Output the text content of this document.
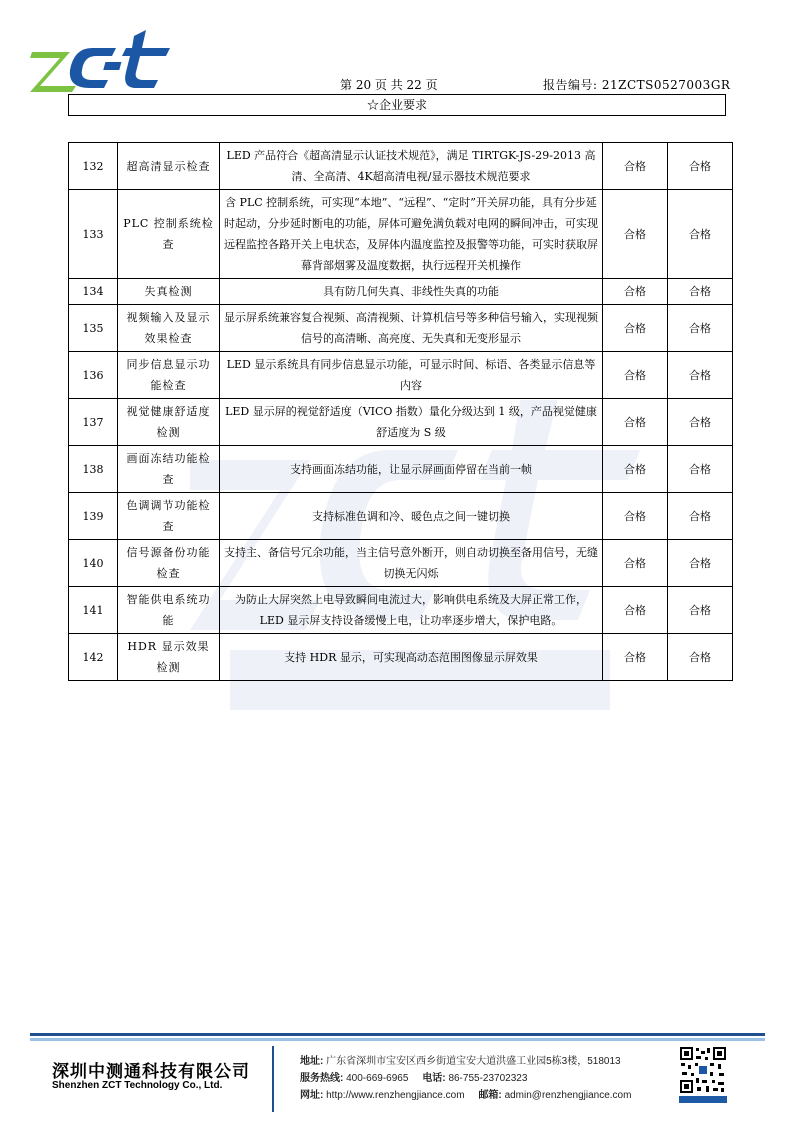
第 20 页 共 22 页	报告编号: 21ZCTS0527003GR
☆企业要求
132	超高清显示检查	LED 产品符合《超高清显示认证技术规范》，满足 TIRTGK-JS-29-2013 高清、全高清、4K超高清电视/显示器技术规范要求	合格	合格
133	PLC 控制系统检查	含 PLC 控制系统，可实现“本地”、“远程”、“定时”开关屏功能，具有分步延时起动，分步延时断电的功能，屏体可避免满负载对电网的瞬间冲击，可实现远程监控各路开关上电状态，及屏体内温度监控及报警等功能，可实时获取屏幕背部烟雾及温度数据，执行远程开关机操作	合格	合格
134	失真检测	具有防几何失真、非线性失真的功能	合格	合格
135	视频输入及显示效果检查	显示屏系统兼容复合视频、高清视频、计算机信号等多种信号输入，实现视频信号的高清晰、高亮度、无失真和无变形显示	合格	合格
136	同步信息显示功能检查	LED 显示系统具有同步信息显示功能，可显示时间、标语、各类显示信息等内容	合格	合格
137	视觉健康舒适度检测	LED 显示屏的视觉舒适度（VICO 指数）量化分级达到 1 级，产品视觉健康舒适度为 S 级	合格	合格
138	画面冻结功能检查	支持画面冻结功能，让显示屏画面停留在当前一帧	合格	合格
139	色调调节功能检查	支持标准色调和冷、暖色点之间一键切换	合格	合格
140	信号源备份功能检查	支持主、备信号冗余功能，当主信号意外断开，则自动切换至备用信号，无缝切换无闪烁	合格	合格
141	智能供电系统功能	为防止大屏突然上电导致瞬间电流过大，影响供电系统及大屏正常工作，LED 显示屏支持设备缓慢上电，让功率逐步增大，保护电路。	合格	合格
142	HDR 显示效果检测	支持 HDR 显示，可实现高动态范围图像显示屏效果	合格	合格
深圳中测通科技有限公司
Shenzhen ZCT Technology Co., Ltd.
地址: 广东省深圳市宝安区西乡街道宝安大道洪盛工业园5栋3楼，518013
服务热线: 400-669-6965 电话: 86-755-23702323
网址: http://www.renzhengjiance.com 邮箱: admin@renzhengjiance.com
